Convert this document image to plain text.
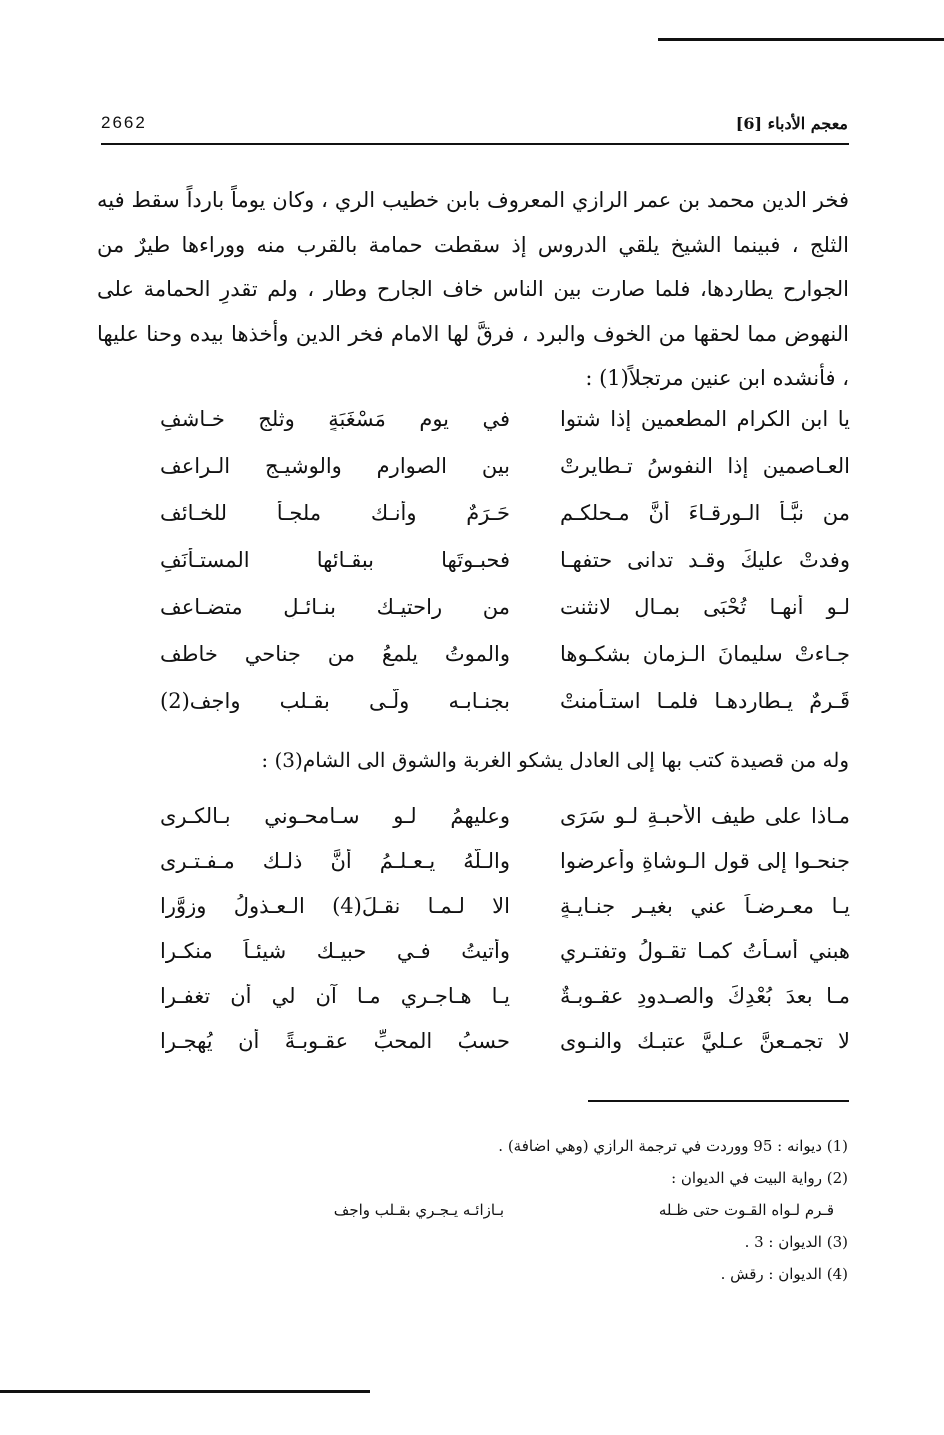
2662	معجم الأدباء [6]
فخر الدين محمد بن عمر الرازي المعروف بابن خطيب الري ، وكان يوماً بارداً سقط فيه الثلج ، فبينما الشيخ يلقي الدروس إذ سقطت حمامة بالقرب منه ووراءها طيرٌ من الجوارح يطاردها، فلما صارت بين الناس خاف الجارح وطار ، ولم تقدرِ الحمامة على النهوض مما لحقها من الخوف والبرد ، فرقَّ لها الامام فخر الدين وأخذها بيده وحنا عليها ، فأنشده ابن عنين مرتجلاً(1) :
يا ابن الكرام المطعمين إذا شتوا
في يوم مَسْغَبَةٍ وثلجٍ خـاشفِ
العـاصمين إذا النفوسُ تـطايرتْ
بين الصوارِم والوشيـجِ الـراعف
من نبَّـأَ الـورقـاءَ أنَّ مـحلكـم
حَـرَمٌ وأنـك ملجـأٌ للخـائف
وفدتْ عليكَ وقـد تدانى حتفهـا
فحبـوتَها ببقـائها المستـأنَفِ
لـو أنهـا تُحْبَى بمـالٍ لانثنت
من راحتيـك بنـائـلٍ متضـاعف
جـاءتْ سليمانَ الـزمانِ بشكـوها
والموتُ يلمعُ من جناحي خاطف
قَـرِمٌ يـطاردهـا فلمـا استـأمنتْ
بجنـابـه ولَّـى بقـلب واجف(2)
وله من قصيدة كتب بها إلى العادل يشكو الغربة والشوق الى الشام(3) :
مـاذا على طيف الأحبـةِ لـو سَرَى
وعليهمُ لـو سـامحـوني بـالكـرى
جنحـوا إلى قولِ الـوشاةِ وأعرضوا
والـلّهُ يـعـلـمُ أنَّ ذلـك مـفـتـرى
يـا معـرضـاً عني بغيـرِ جنـايـةٍ
الا لـمـا نقـلَ(4) الـعـذولُ وزوَّرا
هبني أسـأتُ كمـا تقـولُ وتفتـري
وأتيتُ فـي حبيـك شيئـاً منكـرا
مـا بعدَ بُعْدِكَ والصـدودِ عقـوبـةٌ
يـا هـاجـري مـا آن لي أن تغفـرا
لا تجمـعنَّ عـليَّ عتبـك والنـوى
حسبُ المحبِّ عقـوبـةً أن يُهجـرا
(1) ديوانه : 95 ووردت في ترجمة الرازي (وهي اضافة) .
(2) رواية البيت في الديوان :
قـرم لـواه القـوت حتى ظـله
بـازائـه يـجـري بقـلب واجف
(3) الديوان : 3 .
(4) الديوان : رقش .
